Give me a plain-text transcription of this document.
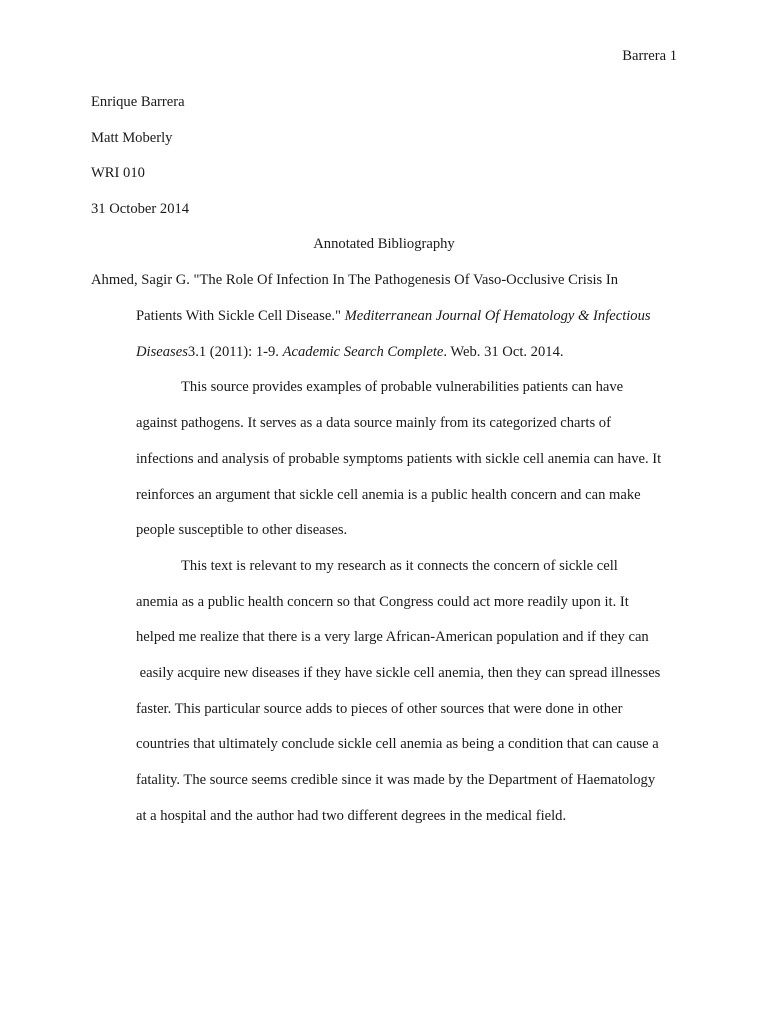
Barrera 1
Enrique Barrera
Matt Moberly
WRI 010
31 October 2014
Annotated Bibliography
Ahmed, Sagir G. "The Role Of Infection In The Pathogenesis Of Vaso-Occlusive Crisis In
Patients With Sickle Cell Disease." Mediterranean Journal Of Hematology & Infectious
Diseases3.1 (2011): 1-9. Academic Search Complete. Web. 31 Oct. 2014.
This source provides examples of probable vulnerabilities patients can have
against pathogens. It serves as a data source mainly from its categorized charts of
infections and analysis of probable symptoms patients with sickle cell anemia can have. It
reinforces an argument that sickle cell anemia is a public health concern and can make
people susceptible to other diseases.
This text is relevant to my research as it connects the concern of sickle cell
anemia as a public health concern so that Congress could act more readily upon it. It
helped me realize that there is a very large African-American population and if they can
easily acquire new diseases if they have sickle cell anemia, then they can spread illnesses
faster. This particular source adds to pieces of other sources that were done in other
countries that ultimately conclude sickle cell anemia as being a condition that can cause a
fatality. The source seems credible since it was made by the Department of Haematology
at a hospital and the author had two different degrees in the medical field.
